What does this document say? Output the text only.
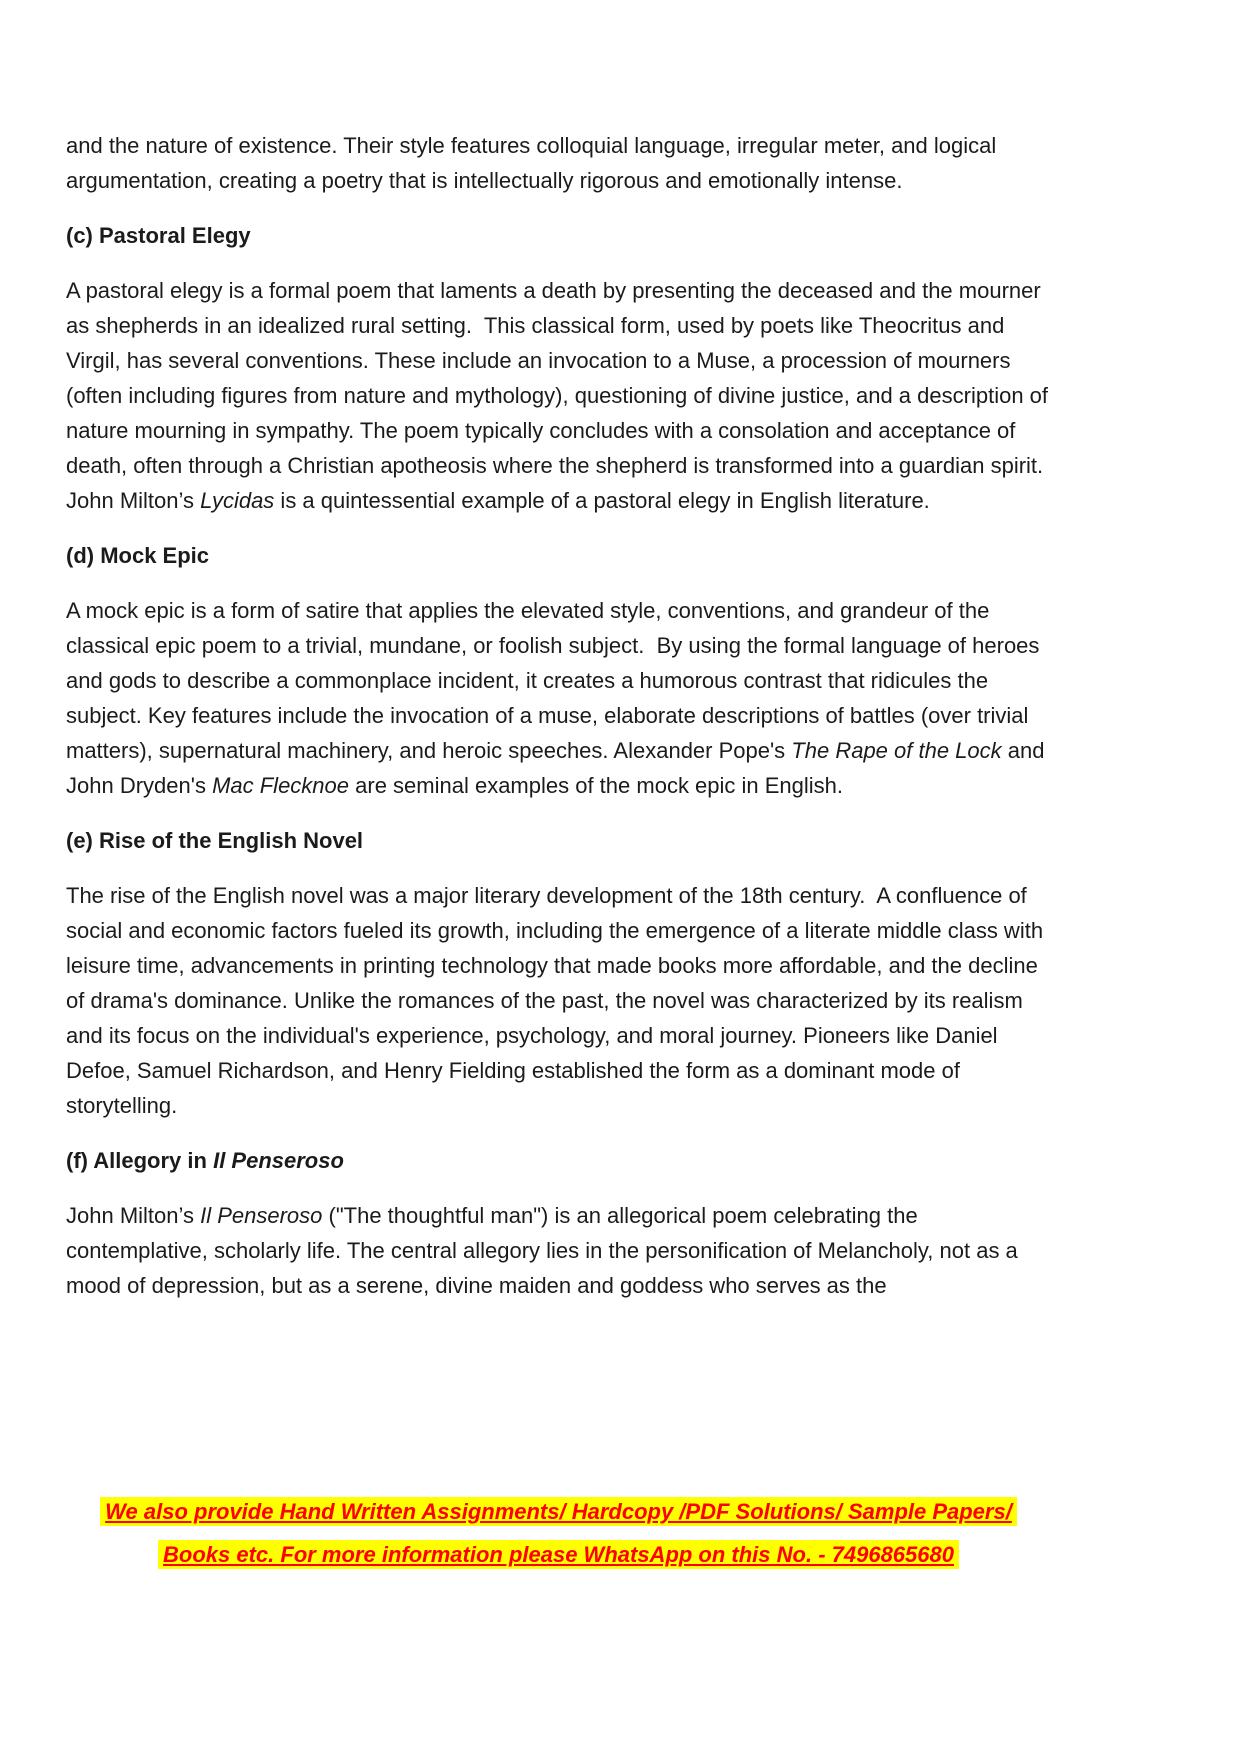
and the nature of existence. Their style features colloquial language, irregular meter, and logical argumentation, creating a poetry that is intellectually rigorous and emotionally intense.

(c) Pastoral Elegy

A pastoral elegy is a formal poem that laments a death by presenting the deceased and the mourner as shepherds in an idealized rural setting.  This classical form, used by poets like Theocritus and Virgil, has several conventions. These include an invocation to a Muse, a procession of mourners (often including figures from nature and mythology), questioning of divine justice, and a description of nature mourning in sympathy. The poem typically concludes with a consolation and acceptance of death, often through a Christian apotheosis where the shepherd is transformed into a guardian spirit. John Milton’s Lycidas is a quintessential example of a pastoral elegy in English literature.

(d) Mock Epic

A mock epic is a form of satire that applies the elevated style, conventions, and grandeur of the classical epic poem to a trivial, mundane, or foolish subject.  By using the formal language of heroes and gods to describe a commonplace incident, it creates a humorous contrast that ridicules the subject. Key features include the invocation of a muse, elaborate descriptions of battles (over trivial matters), supernatural machinery, and heroic speeches. Alexander Pope's The Rape of the Lock and John Dryden's Mac Flecknoe are seminal examples of the mock epic in English.

(e) Rise of the English Novel

The rise of the English novel was a major literary development of the 18th century.  A confluence of social and economic factors fueled its growth, including the emergence of a literate middle class with leisure time, advancements in printing technology that made books more affordable, and the decline of drama's dominance. Unlike the romances of the past, the novel was characterized by its realism and its focus on the individual's experience, psychology, and moral journey. Pioneers like Daniel Defoe, Samuel Richardson, and Henry Fielding established the form as a dominant mode of storytelling.

(f) Allegory in Il Penseroso

John Milton’s Il Penseroso ("The thoughtful man") is an allegorical poem celebrating the contemplative, scholarly life. The central allegory lies in the personification of Melancholy, not as a mood of depression, but as a serene, divine maiden and goddess who serves as the

We also provide Hand Written Assignments/ Hardcopy /PDF Solutions/ Sample Papers/
Books etc. For more information please WhatsApp on this No. - 7496865680
